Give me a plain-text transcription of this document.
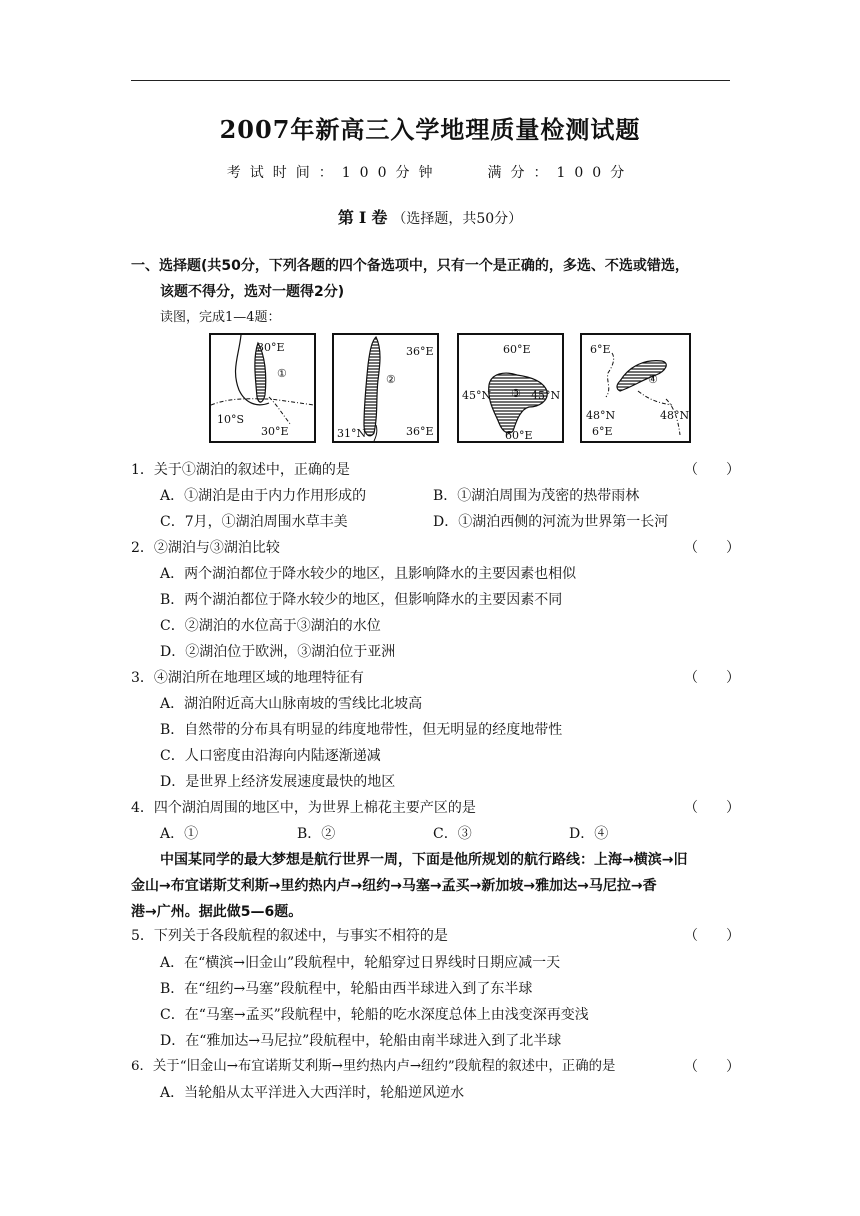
2007年新高三入学地理质量检测试题
考试时间：100分钟　　满分：100分
第Ⅰ卷（选择题，共50分）
一、选择题(共50分，下列各题的四个备选项中，只有一个是正确的，多选、不选或错选，
该题不得分，选对一题得2分)
读图，完成1—4题：
30°E
10°S
30°E
①
36°E
31°N	36°E
②
60°E
45°N	45°N
60°E
③
6°E
48°N	48°N
6°E
④
1．关于①湖泊的叙述中，正确的是	（　　）
A．①湖泊是由于内力作用形成的	B．①湖泊周围为茂密的热带雨林
C．7月，①湖泊周围水草丰美	D．①湖泊西侧的河流为世界第一长河
2．②湖泊与③湖泊比较	（　　）
A．两个湖泊都位于降水较少的地区，且影响降水的主要因素也相似
B．两个湖泊都位于降水较少的地区，但影响降水的主要因素不同
C．②湖泊的水位高于③湖泊的水位
D．②湖泊位于欧洲，③湖泊位于亚洲
3．④湖泊所在地理区域的地理特征有	（　　）
A．湖泊附近高大山脉南坡的雪线比北坡高
B．自然带的分布具有明显的纬度地带性，但无明显的经度地带性
C．人口密度由沿海向内陆逐渐递减
D．是世界上经济发展速度最快的地区
4．四个湖泊周围的地区中，为世界上棉花主要产区的是	（　　）
A．①	B．②	C．③	D．④
中国某同学的最大梦想是航行世界一周，下面是他所规划的航行路线：上海→横滨→旧
金山→布宜诺斯艾利斯→里约热内卢→纽约→马塞→孟买→新加坡→雅加达→马尼拉→香
港→广州。据此做5—6题。
5．下列关于各段航程的叙述中，与事实不相符的是	（　　）
A．在“横滨→旧金山”段航程中，轮船穿过日界线时日期应减一天
B．在“纽约→马塞”段航程中，轮船由西半球进入到了东半球
C．在“马塞→孟买”段航程中，轮船的吃水深度总体上由浅变深再变浅
D．在“雅加达→马尼拉”段航程中，轮船由南半球进入到了北半球
6．关于“旧金山→布宜诺斯艾利斯→里约热内卢→纽约”段航程的叙述中，正确的是	（　　）
A．当轮船从太平洋进入大西洋时，轮船逆风逆水
